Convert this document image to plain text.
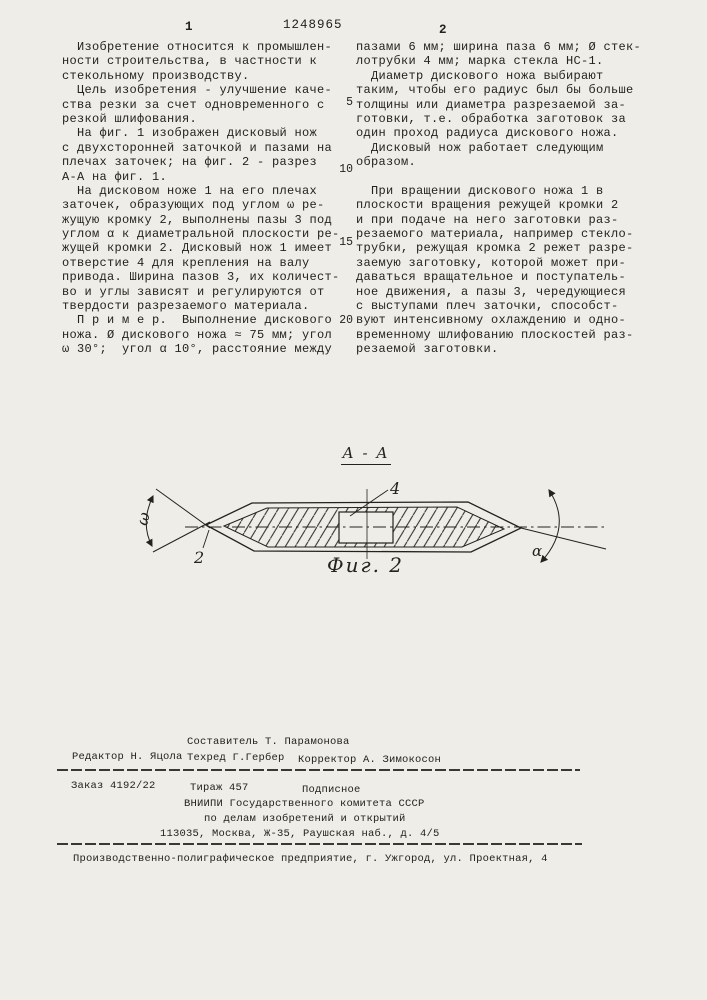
1	1248965	2
Изобретение относится к промышлен-
ности строительства, в частности к
стекольному производству.
Цель изобретения - улучшение каче-
ства резки за счет одновременного с
резкой шлифования.
На фиг. 1 изображен дисковый нож
с двухсторонней заточкой и пазами на
плечах заточек; на фиг. 2 - разрез
А-А на фиг. 1.
На дисковом ноже 1 на его плечах
заточек, образующих под углом ω ре-
жущую кромку 2, выполнены пазы 3 под
углом α к диаметральной плоскости ре-
жущей кромки 2. Дисковый нож 1 имеет
отверстие 4 для крепления на валу
привода. Ширина пазов 3, их количест-
во и углы зависят и регулируются от
твердости разрезаемого материала.
П р и м е р.  Выполнение дискового
ножа. Ø дискового ножа ≈ 75 мм; угол
ω 30°;  угол α 10°, расстояние между
пазами 6 мм; ширина паза 6 мм; Ø стек-
лотрубки 4 мм; марка стекла НС-1.
Диаметр дискового ножа выбирают
таким, чтобы его радиус был бы больше
толщины или диаметра разрезаемой за-
готовки, т.е. обработка заготовок за
один проход радиуса дискового ножа.
Дисковый нож работает следующим
образом.
При вращении дискового ножа 1 в
плоскости вращения режущей кромки 2
и при подаче на него заготовки раз-
резаемого материала, например стекло-
трубки, режущая кромка 2 режет разре-
заемую заготовку, которой может при-
даваться вращательное и поступатель-
ное движения, а пазы 3, чередующиеся
с выступами плеч заточки, способст-
вуют интенсивному охлаждению и одно-
временному шлифованию плоскостей раз-
резаемой заготовки.
5
10
15
20
А - А
Фиг. 2
ω
2
4
α
Составитель Т. Парамонова
Редактор Н. Яцола Техред Г.Гербер Корректор А. Зимокосон
Заказ 4192/22	Тираж 457	Подписное
ВНИИПИ Государственного комитета СССР
по делам изобретений и открытий
113035, Москва, Ж-35, Раушская наб., д. 4/5
Производственно-полиграфическое предприятие, г. Ужгород, ул. Проектная, 4
